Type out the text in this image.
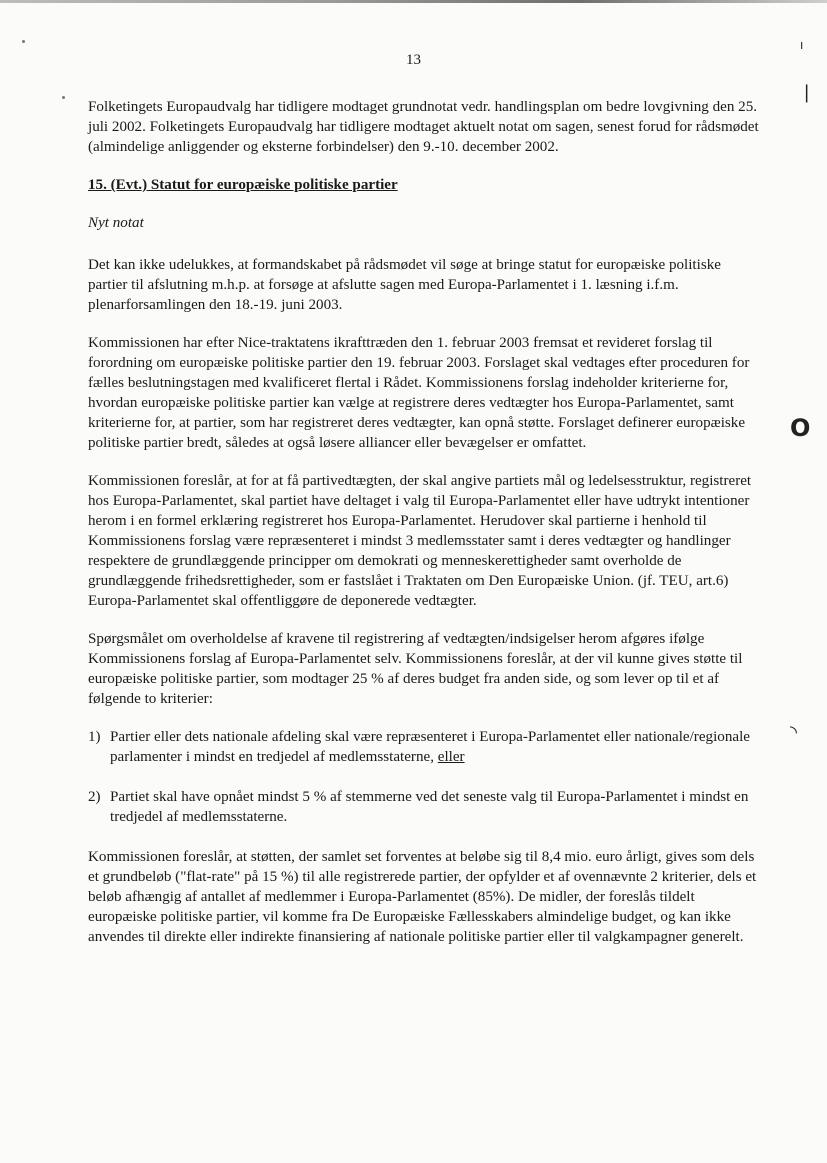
ı
❘
O
◝
13

Folketingets Europaudvalg har tidligere modtaget grundnotat vedr. handlingsplan om bedre lovgivning den 25. juli 2002. Folketingets Europaudvalg har tidligere modtaget aktuelt notat om sagen, senest forud for rådsmødet (almindelige anliggender og eksterne forbindelser) den 9.-10. december 2002.

15. (Evt.) Statut for europæiske politiske partier

Nyt notat

Det kan ikke udelukkes, at formandskabet på rådsmødet vil søge at bringe statut for europæiske politiske partier til afslutning m.h.p. at forsøge at afslutte sagen med Europa-Parlamentet i 1. læsning i.f.m. plenarforsamlingen den 18.-19. juni 2003.

Kommissionen har efter Nice-traktatens ikrafttræden den 1. februar 2003 fremsat et revideret forslag til forordning om europæiske politiske partier den 19. februar 2003. Forslaget skal vedtages efter proceduren for fælles beslutningstagen med kvalificeret flertal i Rådet. Kommissionens forslag indeholder kriterierne for, hvordan europæiske politiske partier kan vælge at registrere deres vedtægter hos Europa-Parlamentet, samt kriterierne for, at partier, som har registreret deres vedtægter, kan opnå støtte. Forslaget definerer europæiske politiske partier bredt, således at også løsere alliancer eller bevægelser er omfattet.

Kommissionen foreslår, at for at få partivedtægten, der skal angive partiets mål og ledelsesstruktur, registreret hos Europa-Parlamentet, skal partiet have deltaget i valg til Europa-Parlamentet eller have udtrykt intentioner herom i en formel erklæring registreret hos Europa-Parlamentet. Herudover skal partierne i henhold til Kommissionens forslag være repræsenteret i mindst 3 medlemsstater samt i deres vedtægter og handlinger respektere de grundlæggende principper om demokrati og menneskerettigheder samt overholde de grundlæggende frihedsrettigheder, som er fastslået i Traktaten om Den Europæiske Union. (jf. TEU, art.6) Europa-Parlamentet skal offentliggøre de deponerede vedtægter.

Spørgsmålet om overholdelse af kravene til registrering af vedtægten/indsigelser herom afgøres ifølge Kommissionens forslag af Europa-Parlamentet selv. Kommissionens foreslår, at der vil kunne gives støtte til europæiske politiske partier, som modtager 25 % af deres budget fra anden side, og som lever op til et af følgende to kriterier:

1) Partier eller dets nationale afdeling skal være repræsenteret i Europa-Parlamentet eller nationale/regionale parlamenter i mindst en tredjedel af medlemsstaterne, eller
2) Partiet skal have opnået mindst 5 % af stemmerne ved det seneste valg til Europa-Parlamentet i mindst en tredjedel af medlemsstaterne.

Kommissionen foreslår, at støtten, der samlet set forventes at beløbe sig til 8,4 mio. euro årligt, gives som dels et grundbeløb ("flat-rate" på 15 %) til alle registrerede partier, der opfylder et af ovennævnte 2 kriterier, dels et beløb afhængig af antallet af medlemmer i Europa-Parlamentet (85%). De midler, der foreslås tildelt europæiske politiske partier, vil komme fra De Europæiske Fællesskabers almindelige budget, og kan ikke anvendes til direkte eller indirekte finansiering af nationale politiske partier eller til valgkampagner generelt.
